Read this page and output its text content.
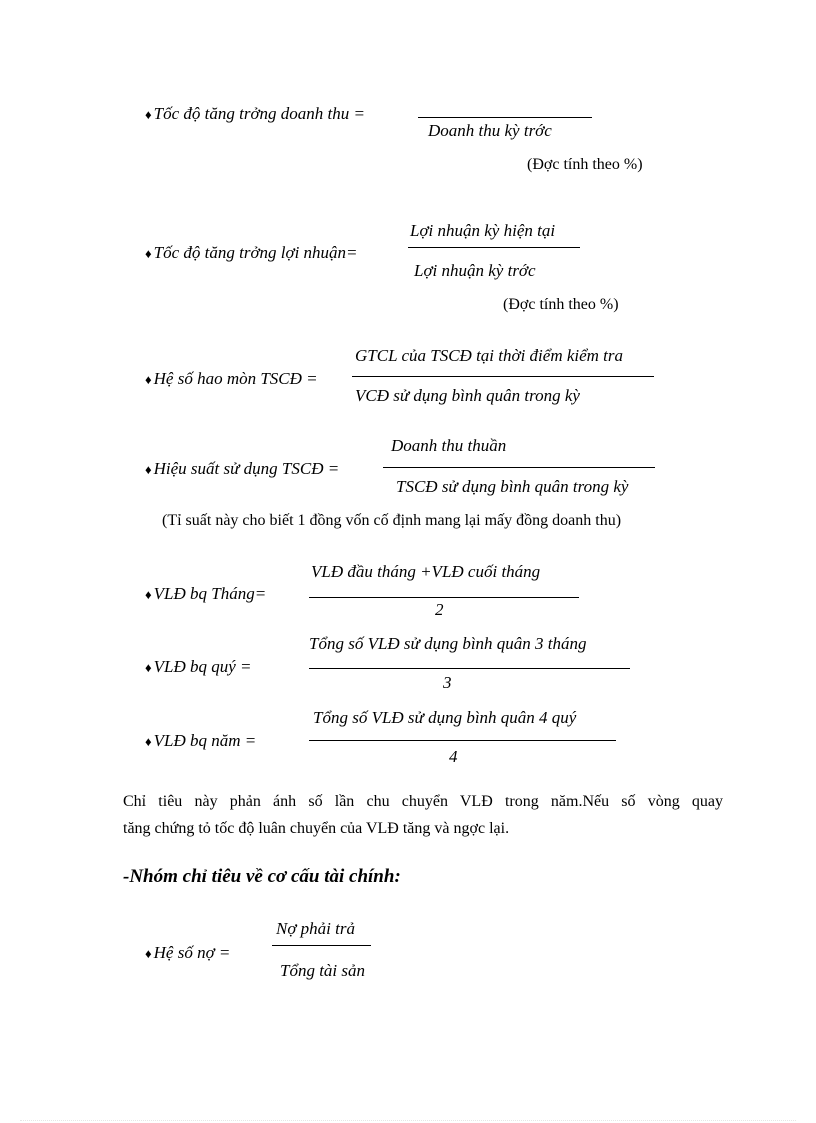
♦ Tốc độ tăng trởng doanh thu =
Doanh thu kỳ trớc
(Đợc tính theo %)
Lợi nhuận kỳ hiện tại
♦ Tốc độ tăng trởng lợi nhuận=
Lợi nhuận kỳ trớc
(Đợc tính theo %)
GTCL của TSCĐ tại thời điểm kiểm tra
♦ Hệ số hao mòn TSCĐ =
VCĐ sử dụng bình quân trong kỳ
Doanh thu thuần
♦ Hiệu suất sử dụng TSCĐ =
TSCĐ sử dụng bình quân trong kỳ
(Tỉ suất này cho biết 1 đồng vốn cố định mang lại mấy đồng doanh thu)
VLĐ đầu tháng +VLĐ cuối tháng
♦ VLĐ bq Tháng=
2
Tổng số VLĐ sử dụng bình quân 3 tháng
♦ VLĐ bq quý =
3
Tổng số VLĐ sử dụng bình quân 4 quý
♦ VLĐ bq năm =
4
Chỉ tiêu này phản ánh số lần chu chuyển VLĐ trong năm.Nếu số vòng quay
tăng chứng tỏ tốc độ luân chuyển của VLĐ tăng và ngợc lại.
-Nhóm chỉ tiêu về cơ cấu tài chính:
Nợ phải trả
♦ Hệ số nợ =
Tổng tài sản
